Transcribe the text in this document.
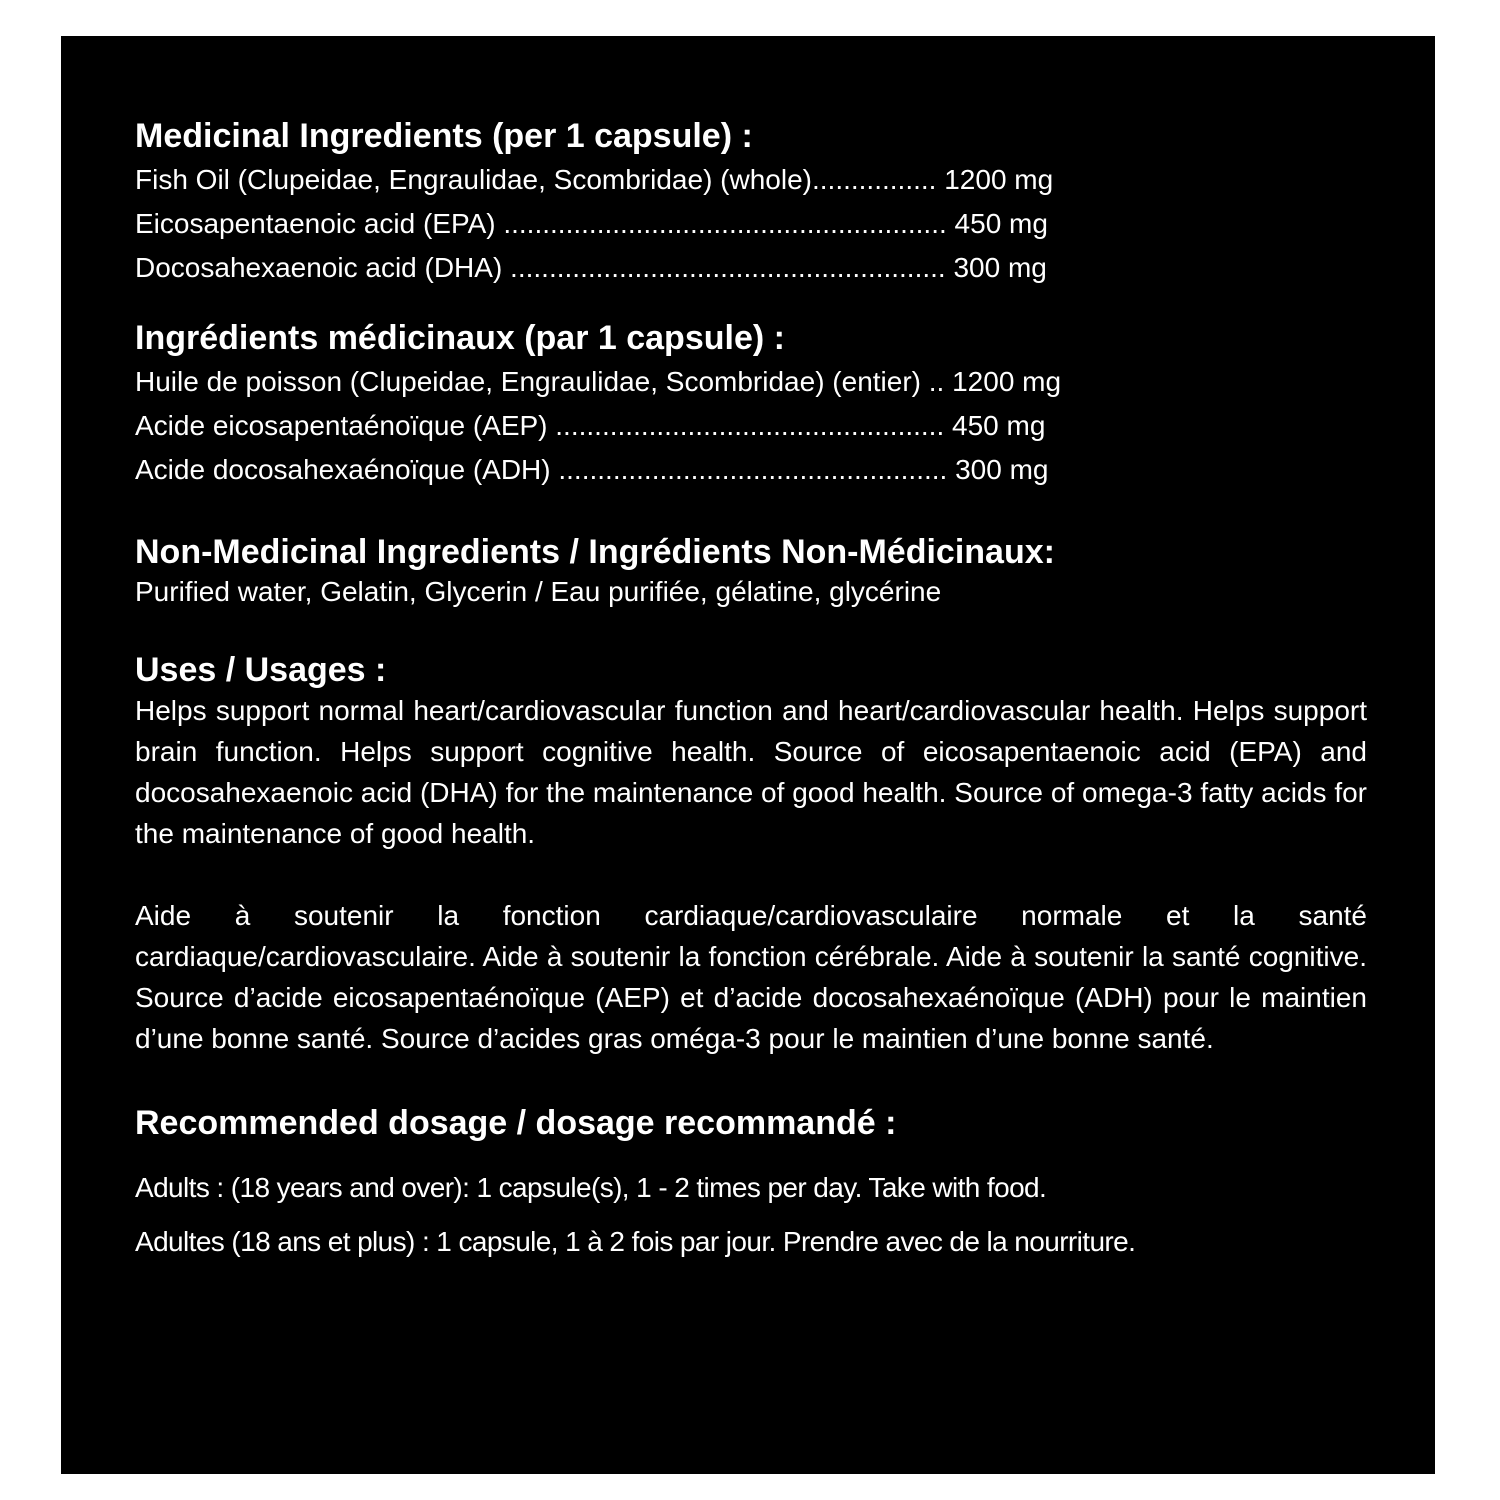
Medicinal Ingredients (per 1 capsule) :

Fish Oil (Clupeidae, Engraulidae, Scombridae) (whole)................ 1200 mg

Eicosapentaenoic acid (EPA) ......................................................... 450 mg

Docosahexaenoic acid (DHA) ........................................................ 300 mg

Ingrédients médicinaux (par 1 capsule) :

Huile de poisson (Clupeidae, Engraulidae, Scombridae) (entier) .. 1200 mg

Acide eicosapentaénoïque (AEP) .................................................. 450 mg

Acide docosahexaénoïque (ADH) .................................................. 300 mg

Non-Medicinal Ingredients / Ingrédients Non-Médicinaux:

Purified water, Gelatin, Glycerin / Eau purifiée, gélatine, glycérine

Uses / Usages :

Helps support normal heart/cardiovascular function and heart/cardiovascular health. Helps support brain function. Helps support cognitive health. Source of eicosapentaenoic acid (EPA) and docosahexaenoic acid (DHA) for the maintenance of good health. Source of omega-3 fatty acids for the maintenance of good health.

Aide à soutenir la fonction cardiaque/cardiovasculaire normale et la santé cardiaque/cardiovasculaire. Aide à soutenir la fonction cérébrale. Aide à soutenir la santé cognitive. Source d’acide eicosapentaénoïque (AEP) et d’acide docosahexaénoïque (ADH) pour le maintien d’une bonne santé. Source d’acides gras oméga-3 pour le maintien d’une bonne santé.

Recommended dosage / dosage recommandé :

Adults : (18 years and over): 1 capsule(s), 1 - 2 times per day. Take with food.

Adultes (18 ans et plus) : 1 capsule, 1 à 2 fois par jour. Prendre avec de la nourriture.
